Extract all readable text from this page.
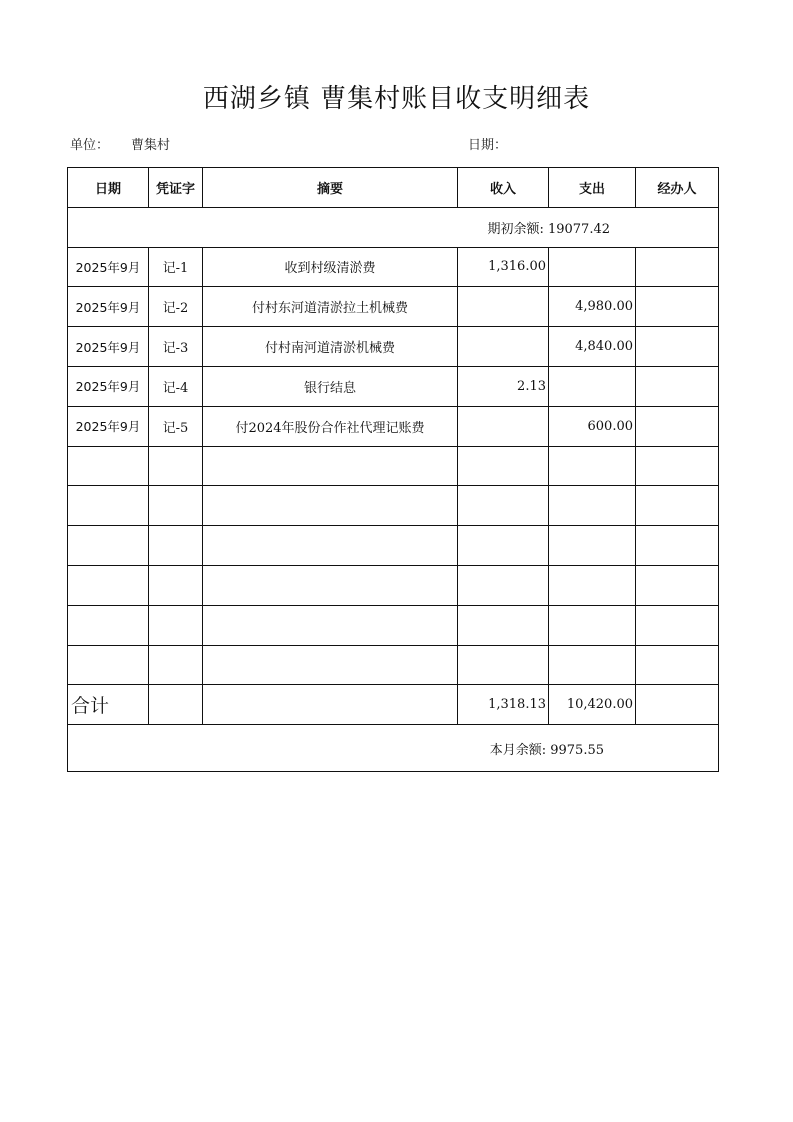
西湖乡镇 曹集村账目收支明细表
单位： 曹集村	日期：
日期	凭证字	摘要	收入	支出	经办人
期初余额: 19077.42					
2025年9月	记-1	收到村级清淤费	1,316.00		
2025年9月	记-2	付村东河道清淤拉土机械费		4,980.00	
2025年9月	记-3	付村南河道清淤机械费		4,840.00	
2025年9月	记-4	银行结息	2.13		
2025年9月	记-5	付2024年股份合作社代理记账费		600.00	

合计			1,318.13	10,420.00	
本月余额: 9975.55					
